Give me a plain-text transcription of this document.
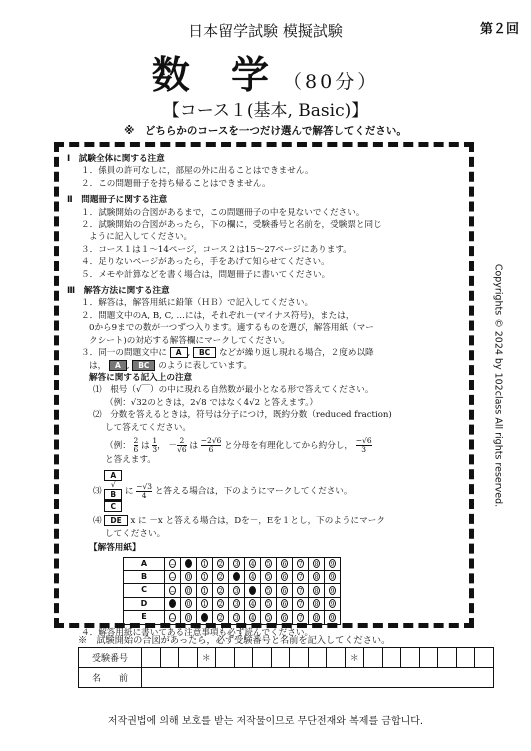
日本留学試験 模擬試験	第２回
数 学（80分）
【コース１(基本, Basic)】
※　どちらかのコースを一つだけ選んで解答してください。
Ⅰ　試験全体に関する注意
１．係員の許可なしに，部屋の外に出ることはできません。
２．この問題冊子を持ち帰ることはできません。
Ⅱ　問題冊子に関する注意
１．試験開始の合図があるまで，この問題冊子の中を見ないでください。
２．試験開始の合図があったら，下の欄に，受験番号と名前を，受験票と同じ
ように記入してください。
３．コース１は１～14ページ，コース２は15～27ページにあります。
４．足りないページがあったら，手をあげて知らせてください。
５．メモや計算などを書く場合は，問題冊子に書いてください。
Ⅲ　解答方法に関する注意
１．解答は，解答用紙に鉛筆（ＨＢ）で記入してください。
２．問題文中のA, B, C, …には，それぞれ－(マイナス符号)，または，
0から9までの数が一つずつ入ります。適するものを選び，解答用紙（マー
クシート)の対応する解答欄にマークしてください。
３．同一の問題文中に A , BC などが繰り返し現れる場合，２度め以降
は， A , BC のように表しています。
解答に関する記入上の注意
⑴　根号（√￣）の中に現れる自然数が最小となる形で答えてください。
（例：√32のときは，2√8 ではなく4√2 と答えます。）
⑵　分数を答えるときは，符号は分子につけ，既約分数（reduced fraction)
して答えてください。
（例： $\frac{2}{6}$ は $\frac{1}{3}$ ， － $\frac{2}{√6}$ は $\frac{-2√6}{6}$ と分母を有理化してから約分し， $\frac{-√6}{3}$
と答えます。
⑶ A
√
B
C に $\frac{-√3}{4}$ と答える場合は，下のようにマークしてください。
⑷ DE x に －x と答える場合は，Dを－，Eを１とし，下のようにマーク
してください。
【解答用紙】
A	−	0	1	2	3	4	5	6	7	8	9
B	−	0	1	2	3	4	5	6	7	8	9
C	−	0	1	2	3	4	5	6	7	8	9
D	−	0	1	2	3	4	5	6	7	8	9
E	−	0	1	2	3	4	5	6	7	8	9
４．解答用紙に書いてある注意事項も必ず読んでください。
Copyrights © 2024 by 102class All rights reserved.
※　試験開始の合図があったら，必ず受験番号と名前を記入してください。
受験番号				＊								＊							
名　　前																			
저작권법에 의해 보호를 받는 저작물이므로 무단전재와 복제를 금합니다.
